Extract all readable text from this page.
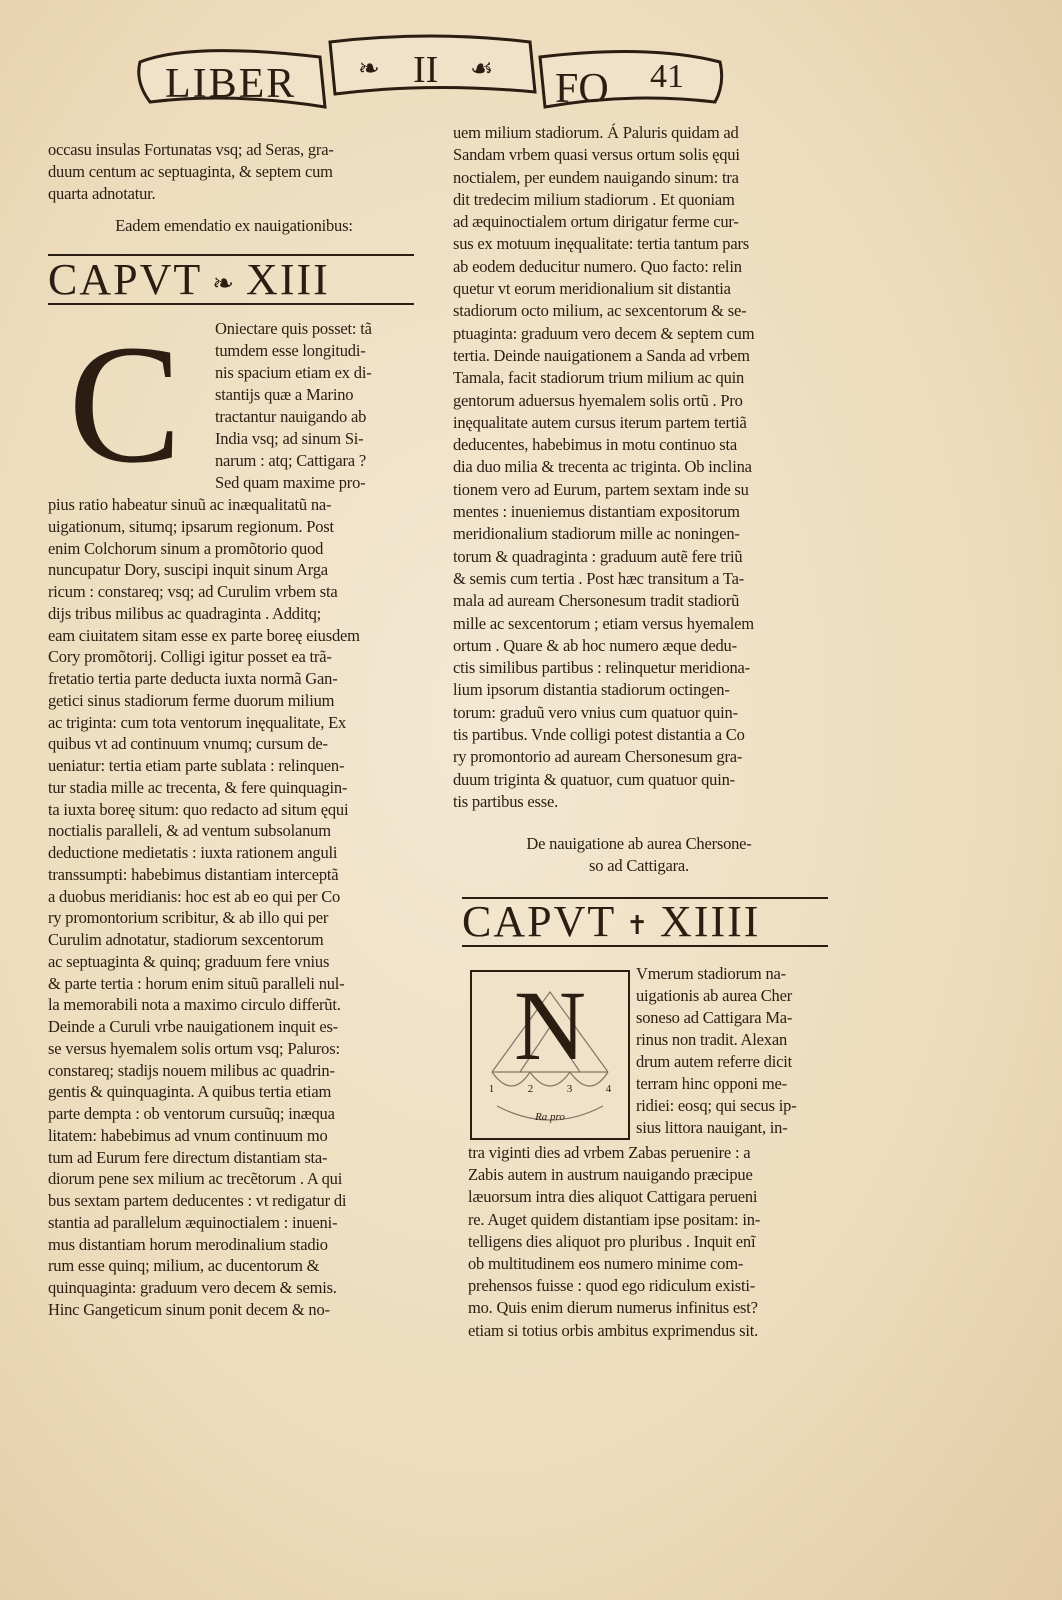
LIBER ❧ II ☙ FO 41
occasu insulas Fortunatas vsq; ad Seras, gra-
duum centum ac septuaginta, & septem cum
quarta adnotatur.
Eadem emendatio ex nauigationibus:
CAPVT ❧ XIII
C Oniectare quis posset: tã
tumdem esse longitudi-
nis spacium etiam ex di-
stantijs quæ a Marino
tractantur nauigando ab
India vsq; ad sinum Si-
narum : atq; Cattigara ?
Sed quam maxime pro-
pius ratio habeatur sinuũ ac inæqualitatũ na-
uigationum, situmq; ipsarum regionum. Post
enim Colchorum sinum a promõtorio quod
nuncupatur Dory, suscipi inquit sinum Arga
ricum : constareq; vsq; ad Curulim vrbem sta
dijs tribus milibus ac quadraginta . Additq;
eam ciuitatem sitam esse ex parte boreę eiusdem
Cory promõtorij. Colligi igitur posset ea trã-
fretatio tertia parte deducta iuxta normã Gan-
getici sinus stadiorum ferme duorum milium
ac triginta: cum tota ventorum inęqualitate, Ex
quibus vt ad continuum vnumq; cursum de-
ueniatur: tertia etiam parte sublata : relinquen-
tur stadia mille ac trecenta, & fere quinquagin-
ta iuxta boreę situm: quo redacto ad situm ęqui
noctialis paralleli, & ad ventum subsolanum
deductione medietatis : iuxta rationem anguli
transsumpti: habebimus distantiam interceptã
a duobus meridianis: hoc est ab eo qui per Co
ry promontorium scribitur, & ab illo qui per
Curulim adnotatur, stadiorum sexcentorum
ac septuaginta & quinq; graduum fere vnius
& parte tertia : horum enim situũ paralleli nul-
la memorabili nota a maximo circulo differũt.
Deinde a Curuli vrbe nauigationem inquit es-
se versus hyemalem solis ortum vsq; Paluros:
constareq; stadijs nouem milibus ac quadrin-
gentis & quinquaginta. A quibus tertia etiam
parte dempta : ob ventorum cursuũq; inæqua
litatem: habebimus ad vnum continuum mo
tum ad Eurum fere directum distantiam sta-
diorum pene sex milium ac trecẽtorum . A qui
bus sextam partem deducentes : vt redigatur di
stantia ad parallelum æquinoctialem : inueni-
mus distantiam horum merodinalium stadio
rum esse quinq; milium, ac ducentorum &
quinquaginta: graduum vero decem & semis.
Hinc Gangeticum sinum ponit decem & no-
uem milium stadiorum. Á Paluris quidam ad
Sandam vrbem quasi versus ortum solis ęqui
noctialem, per eundem nauigando sinum: tra
dit tredecim milium stadiorum . Et quoniam
ad æquinoctialem ortum dirigatur ferme cur-
sus ex motuum inęqualitate: tertia tantum pars
ab eodem deducitur numero. Quo facto: relin
quetur vt eorum meridionalium sit distantia
stadiorum octo milium, ac sexcentorum & se-
ptuaginta: graduum vero decem & septem cum
tertia. Deinde nauigationem a Sanda ad vrbem
Tamala, facit stadiorum trium milium ac quin
gentorum aduersus hyemalem solis ortũ . Pro
inęqualitate autem cursus iterum partem tertiã
deducentes, habebimus in motu continuo sta
dia duo milia & trecenta ac triginta. Ob inclina
tionem vero ad Eurum, partem sextam inde su
mentes : inueniemus distantiam expositorum
meridionalium stadiorum mille ac noningen-
torum & quadraginta : graduum autẽ fere triũ
& semis cum tertia . Post hæc transitum a Ta-
mala ad auream Chersonesum tradit stadiorũ
mille ac sexcentorum ; etiam versus hyemalem
ortum . Quare & ab hoc numero æque dedu-
ctis similibus partibus : relinquetur meridiona-
lium ipsorum distantia stadiorum octingen-
torum: graduũ vero vnius cum quatuor quin-
tis partibus. Vnde colligi potest distantia a Co
ry promontorio ad auream Chersonesum gra-
duum triginta & quatuor, cum quatuor quin-
tis partibus esse.
De nauigatione ab aurea Chersone-
so ad Cattigara.
CAPVT ✝ XIIII
N
1	2	3	4
Ra pro
Vmerum stadiorum na-
uigationis ab aurea Cher
soneso ad Cattigara Ma-
rinus non tradit. Alexan
drum autem referre dicit
terram hinc opponi me-
ridiei: eosq; qui secus ip-
sius littora nauigant, in-
tra viginti dies ad vrbem Zabas peruenire : a
Zabis autem in austrum nauigando præcipue
læuorsum intra dies aliquot Cattigara perueni
re. Auget quidem distantiam ipse positam: in-
telligens dies aliquot pro pluribus . Inquit enĩ
ob multitudinem eos numero minime com-
prehensos fuisse : quod ego ridiculum existi-
mo. Quis enim dierum numerus infinitus est?
etiam si totius orbis ambitus exprimendus sit.
